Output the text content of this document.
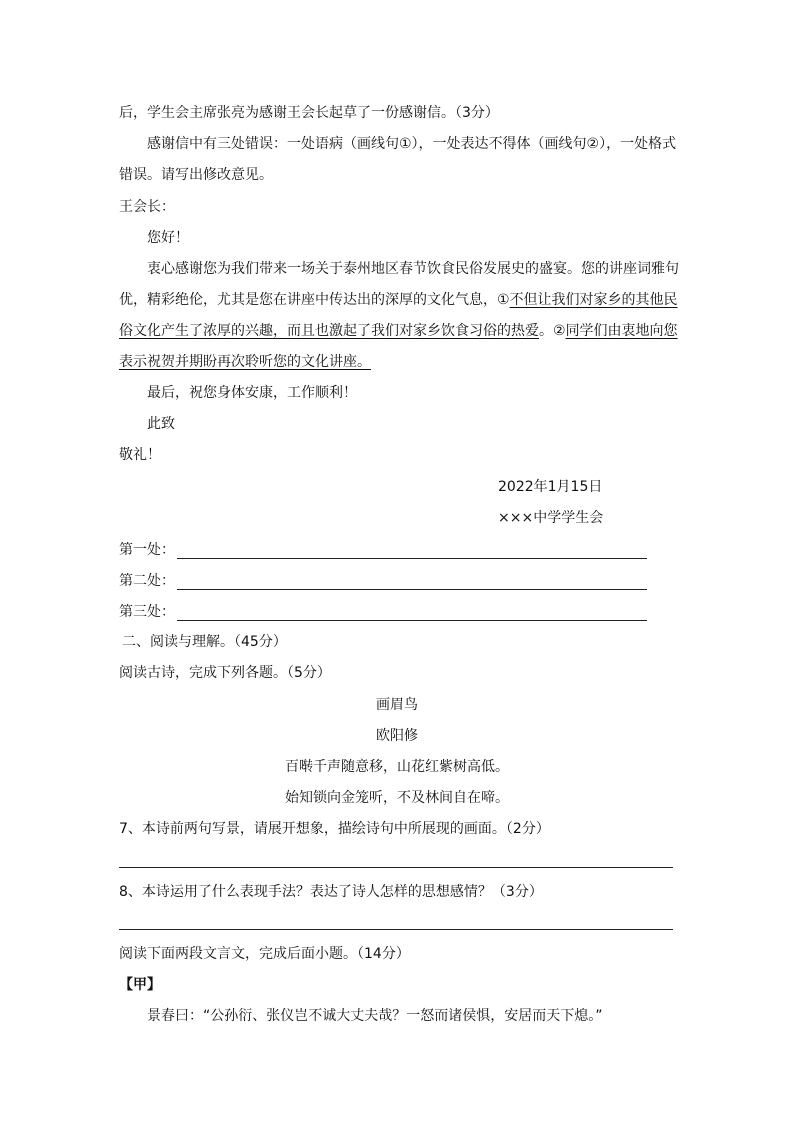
后，学生会主席张亮为感谢王会长起草了一份感谢信。（3分）
感谢信中有三处错误：一处语病（画线句①），一处表达不得体（画线句②），一处格式
错误。请写出修改意见。
王会长：
您好！
衷心感谢您为我们带来一场关于泰州地区春节饮食民俗发展史的盛宴。您的讲座词雅句
优，精彩绝伦，尤其是您在讲座中传达出的深厚的文化气息，①不但让我们对家乡的其他民
俗文化产生了浓厚的兴趣，而且也激起了我们对家乡饮食习俗的热爱。②同学们由衷地向您
表示祝贺并期盼再次聆听您的文化讲座。
最后，祝您身体安康，工作顺利！
此致
敬礼！
2022年1月15日
×××中学学生会
第一处：
第二处：
第三处：
二、阅读与理解。（45分）
阅读古诗，完成下列各题。（5分）
画眉鸟
欧阳修
百啭千声随意移，山花红紫树高低。
始知锁向金笼听，不及林间自在啼。
7、本诗前两句写景，请展开想象，描绘诗句中所展现的画面。（2分）
8、本诗运用了什么表现手法？表达了诗人怎样的思想感情？（3分）
阅读下面两段文言文，完成后面小题。（14分）
【甲】
景春曰：“公孙衍、张仪岂不诚大丈夫哉？一怒而诸侯惧，安居而天下熄。”
